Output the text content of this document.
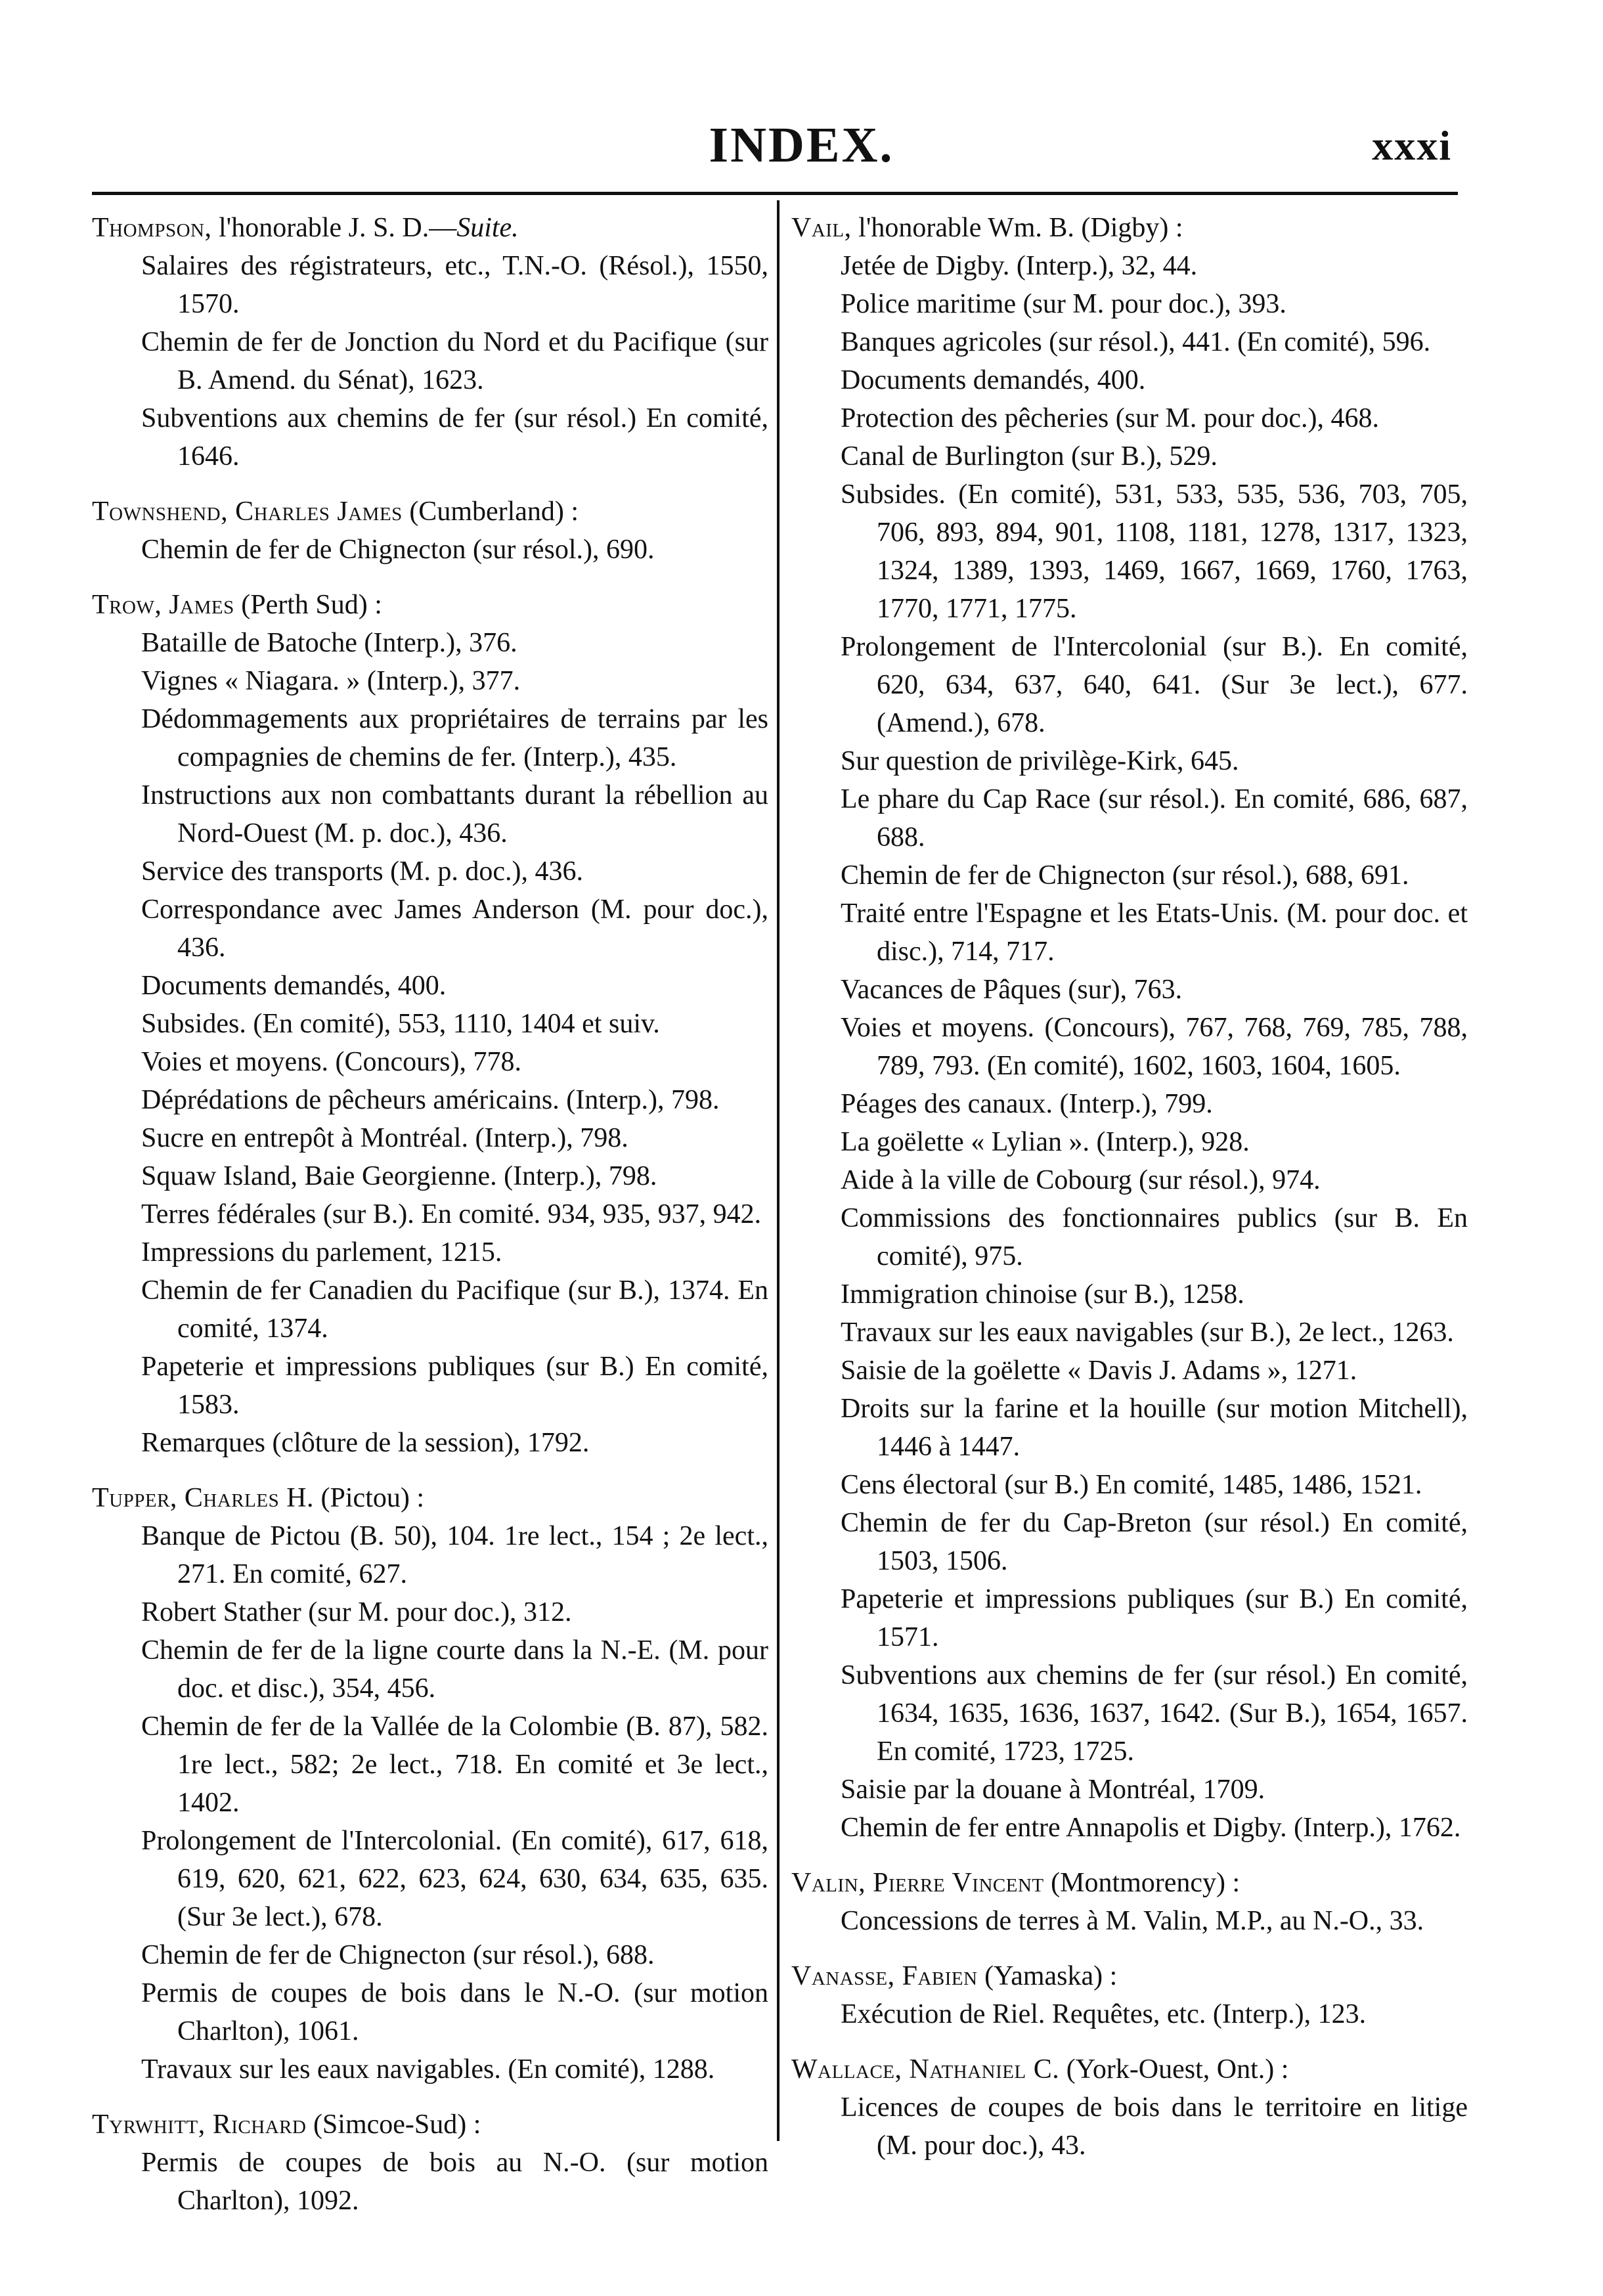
INDEX.	xxxi
Thompson, l'honorable J. S. D.—Suite.

Salaires des régistrateurs, etc., T.N.-O. (Résol.), 1550, 1570.

Chemin de fer de Jonction du Nord et du Pacifique (sur B. Amend. du Sénat), 1623.

Subventions aux chemins de fer (sur résol.) En comité, 1646.

Townshend, Charles James (Cumberland) :

Chemin de fer de Chignecton (sur résol.), 690.

Trow, James (Perth Sud) :

Bataille de Batoche (Interp.), 376.

Vignes « Niagara. » (Interp.), 377.

Dédommagements aux propriétaires de terrains par les compagnies de chemins de fer. (Interp.), 435.

Instructions aux non combattants durant la rébellion au Nord-Ouest (M. p. doc.), 436.

Service des transports (M. p. doc.), 436.

Correspondance avec James Anderson (M. pour doc.), 436.

Documents demandés, 400.

Subsides. (En comité), 553, 1110, 1404 et suiv.

Voies et moyens. (Concours), 778.

Déprédations de pêcheurs américains. (Interp.), 798.

Sucre en entrepôt à Montréal. (Interp.), 798.

Squaw Island, Baie Georgienne. (Interp.), 798.

Terres fédérales (sur B.). En comité. 934, 935, 937, 942.

Impressions du parlement, 1215.

Chemin de fer Canadien du Pacifique (sur B.), 1374. En comité, 1374.

Papeterie et impressions publiques (sur B.) En comité, 1583.

Remarques (clôture de la session), 1792.

Tupper, Charles H. (Pictou) :

Banque de Pictou (B. 50), 104. 1re lect., 154 ; 2e lect., 271. En comité, 627.

Robert Stather (sur M. pour doc.), 312.

Chemin de fer de la ligne courte dans la N.-E. (M. pour doc. et disc.), 354, 456.

Chemin de fer de la Vallée de la Colombie (B. 87), 582. 1re lect., 582; 2e lect., 718. En comité et 3e lect., 1402.

Prolongement de l'Intercolonial. (En comité), 617, 618, 619, 620, 621, 622, 623, 624, 630, 634, 635, 635. (Sur 3e lect.), 678.

Chemin de fer de Chignecton (sur résol.), 688.

Permis de coupes de bois dans le N.-O. (sur motion Charlton), 1061.

Travaux sur les eaux navigables. (En comité), 1288.

Tyrwhitt, Richard (Simcoe-Sud) :

Permis de coupes de bois au N.-O. (sur motion Charlton), 1092.

Vail, l'honorable Wm. B. (Digby) :

Jetée de Digby. (Interp.), 32, 44.

Police maritime (sur M. pour doc.), 393.

Banques agricoles (sur résol.), 441. (En comité), 596.

Documents demandés, 400.

Protection des pêcheries (sur M. pour doc.), 468.

Canal de Burlington (sur B.), 529.

Subsides. (En comité), 531, 533, 535, 536, 703, 705, 706, 893, 894, 901, 1108, 1181, 1278, 1317, 1323, 1324, 1389, 1393, 1469, 1667, 1669, 1760, 1763, 1770, 1771, 1775.

Prolongement de l'Intercolonial (sur B.). En comité, 620, 634, 637, 640, 641. (Sur 3e lect.), 677. (Amend.), 678.

Sur question de privilège-Kirk, 645.

Le phare du Cap Race (sur résol.). En comité, 686, 687, 688.

Chemin de fer de Chignecton (sur résol.), 688, 691.

Traité entre l'Espagne et les Etats-Unis. (M. pour doc. et disc.), 714, 717.

Vacances de Pâques (sur), 763.

Voies et moyens. (Concours), 767, 768, 769, 785, 788, 789, 793. (En comité), 1602, 1603, 1604, 1605.

Péages des canaux. (Interp.), 799.

La goëlette « Lylian ». (Interp.), 928.

Aide à la ville de Cobourg (sur résol.), 974.

Commissions des fonctionnaires publics (sur B. En comité), 975.

Immigration chinoise (sur B.), 1258.

Travaux sur les eaux navigables (sur B.), 2e lect., 1263.

Saisie de la goëlette « Davis J. Adams », 1271.

Droits sur la farine et la houille (sur motion Mitchell), 1446 à 1447.

Cens électoral (sur B.) En comité, 1485, 1486, 1521.

Chemin de fer du Cap-Breton (sur résol.) En comité, 1503, 1506.

Papeterie et impressions publiques (sur B.) En comité, 1571.

Subventions aux chemins de fer (sur résol.) En comité, 1634, 1635, 1636, 1637, 1642. (Sur B.), 1654, 1657. En comité, 1723, 1725.

Saisie par la douane à Montréal, 1709.

Chemin de fer entre Annapolis et Digby. (Interp.), 1762.

Valin, Pierre Vincent (Montmorency) :

Concessions de terres à M. Valin, M.P., au N.-O., 33.

Vanasse, Fabien (Yamaska) :

Exécution de Riel. Requêtes, etc. (Interp.), 123.

Wallace, Nathaniel C. (York-Ouest, Ont.) :

Licences de coupes de bois dans le territoire en litige (M. pour doc.), 43.
